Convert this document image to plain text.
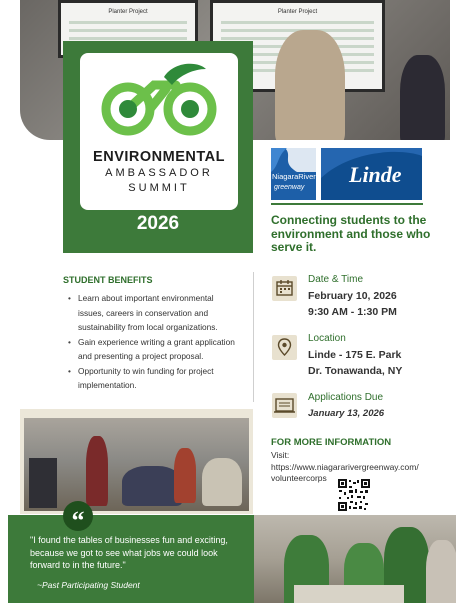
Planter Project	Planter Project
ENVIRONMENTAL
AMBASSADOR
SUMMIT
2026
NiagaraRiver
greenway
Linde
Connecting students to the environment and those who serve it.
STUDENT BENEFITS
• Learn about important environmental issues, careers in conservation and sustainability from local organizations.
• Gain experience writing a grant application and presenting a project proposal.
• Opportunity to win funding for project implementation.
Date & Time
February 10, 2026
9:30 AM - 1:30 PM
Location
Linde - 175 E. Park
Dr. Tonawanda, NY
Applications Due
January 13, 2026
FOR MORE INFORMATION
Visit:
https://www.niagararivergreenway.com/
volunteercorps
“
"I found the tables of businesses fun and exciting, because we got to see what jobs we could look forward to in the future."
~Past Participating Student
